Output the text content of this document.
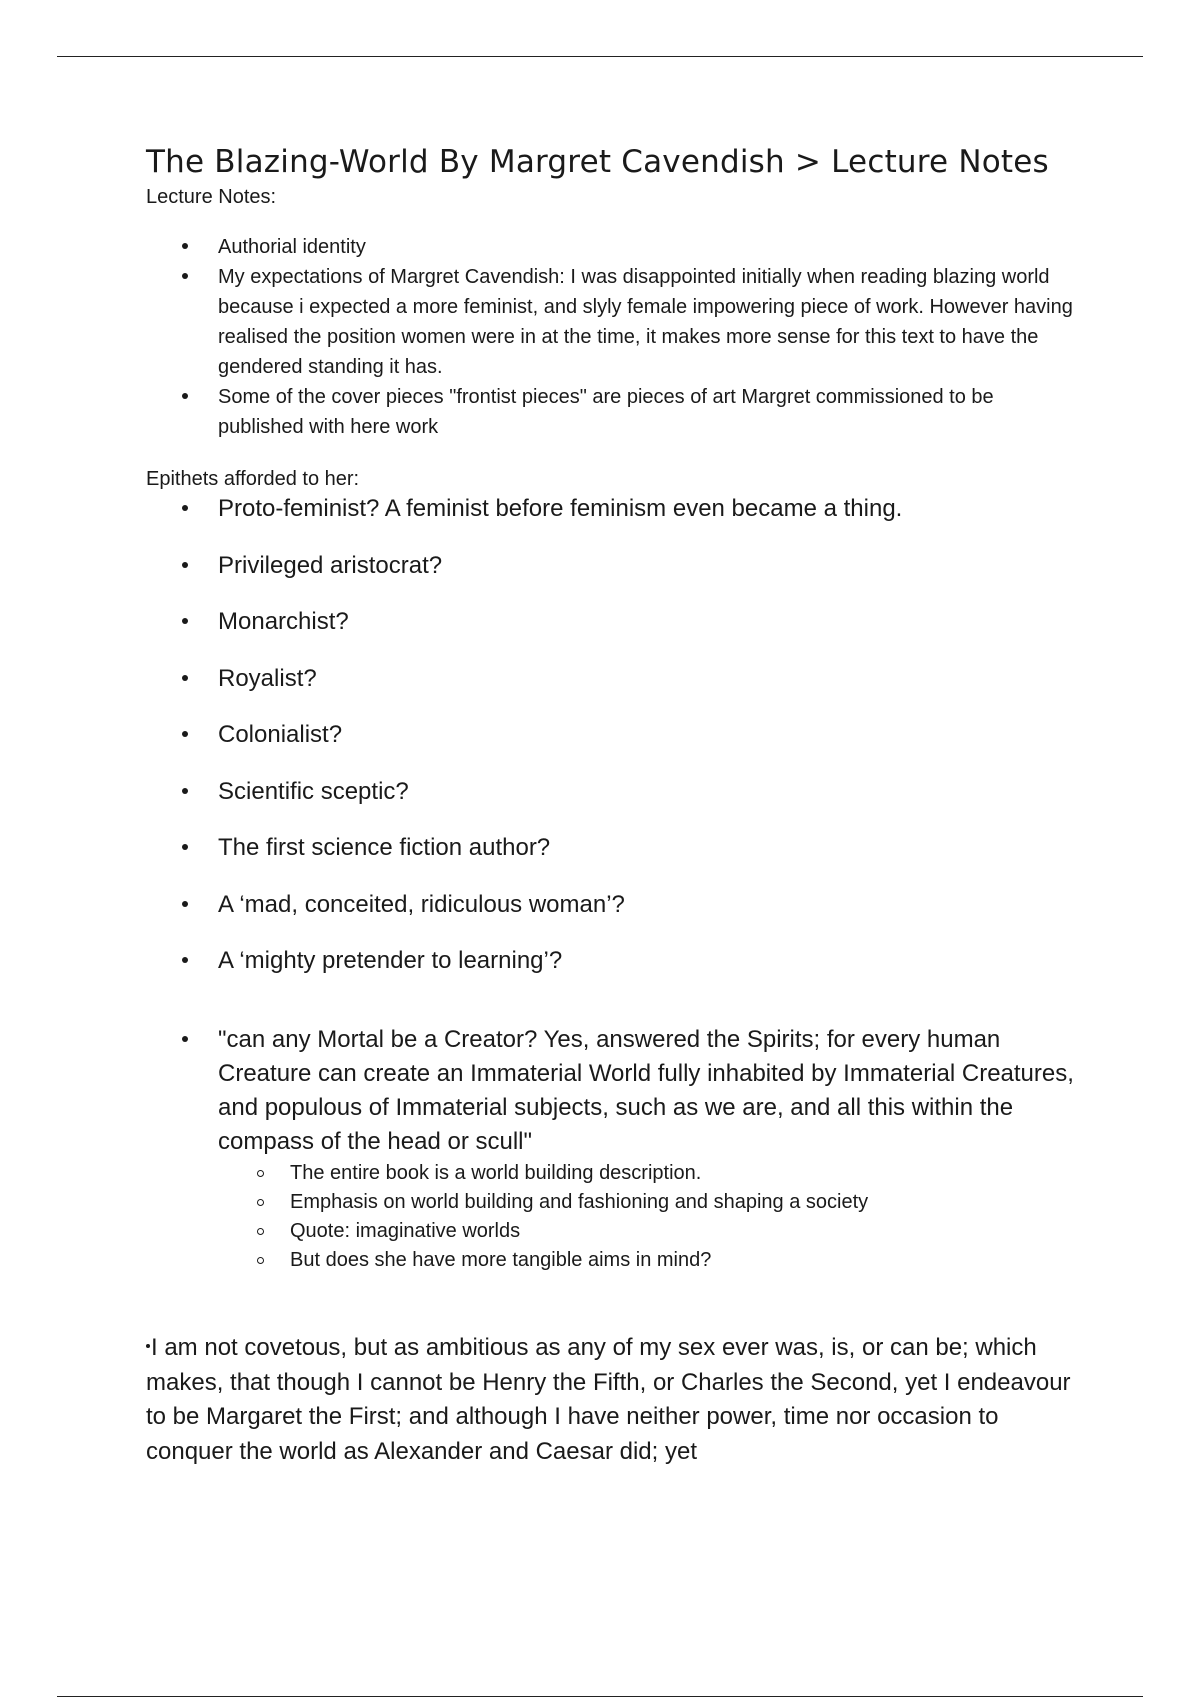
The Blazing-World By Margret Cavendish > Lecture Notes

Lecture Notes:

Authorial identity
My expectations of Margret Cavendish: I was disappointed initially when reading blazing world because i expected a more feminist, and slyly female impowering piece of work. However having realised the position women were in at the time, it makes more sense for this text to have the gendered standing it has.
Some of the cover pieces "frontist pieces" are pieces of art Margret commissioned to be published with here work

Epithets afforded to her:

Proto-feminist? A feminist before feminism even became a thing.
Privileged aristocrat?
Monarchist?
Royalist?
Colonialist?
Scientific sceptic?
The first science fiction author?
A ‘mad, conceited, ridiculous woman’?
A ‘mighty pretender to learning’?
"can any Mortal be a Creator? Yes, answered the Spirits; for every human Creature can create an Immaterial World fully inhabited by Immaterial Creatures, and populous of Immaterial subjects, such as we are, and all this within the compass of the head or scull"
The entire book is a world building description.
Emphasis on world building and fashioning and shaping a society
Quote: imaginative worlds
But does she have more tangible aims in mind?

I am not covetous, but as ambitious as any of my sex ever was, is, or can be; which makes, that though I cannot be Henry the Fifth, or Charles the Second, yet I endeavour to be Margaret the First; and although I have neither power, time nor occasion to conquer the world as Alexander and Caesar did; yet
